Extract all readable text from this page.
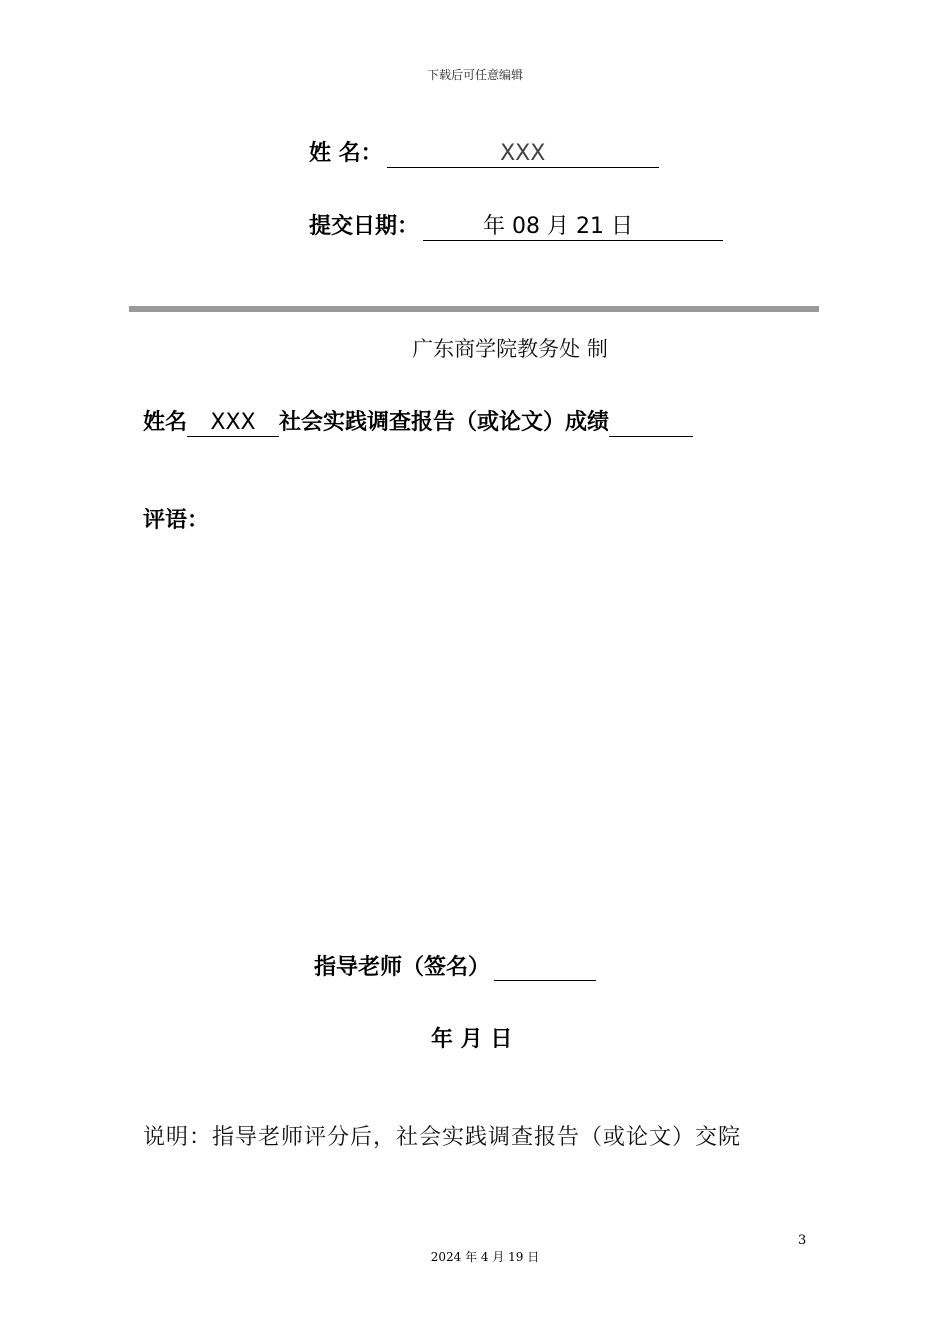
下载后可任意编辑
姓 名：	XXX
提交日期：	年 08 月 21 日
广东商学院教务处 制
姓名 XXX 社会实践调查报告（或论文）成绩
评语：
指导老师（签名）
年 月 日
说明：指导老师评分后，社会实践调查报告（或论文）交院
3
2024 年 4 月 19 日
